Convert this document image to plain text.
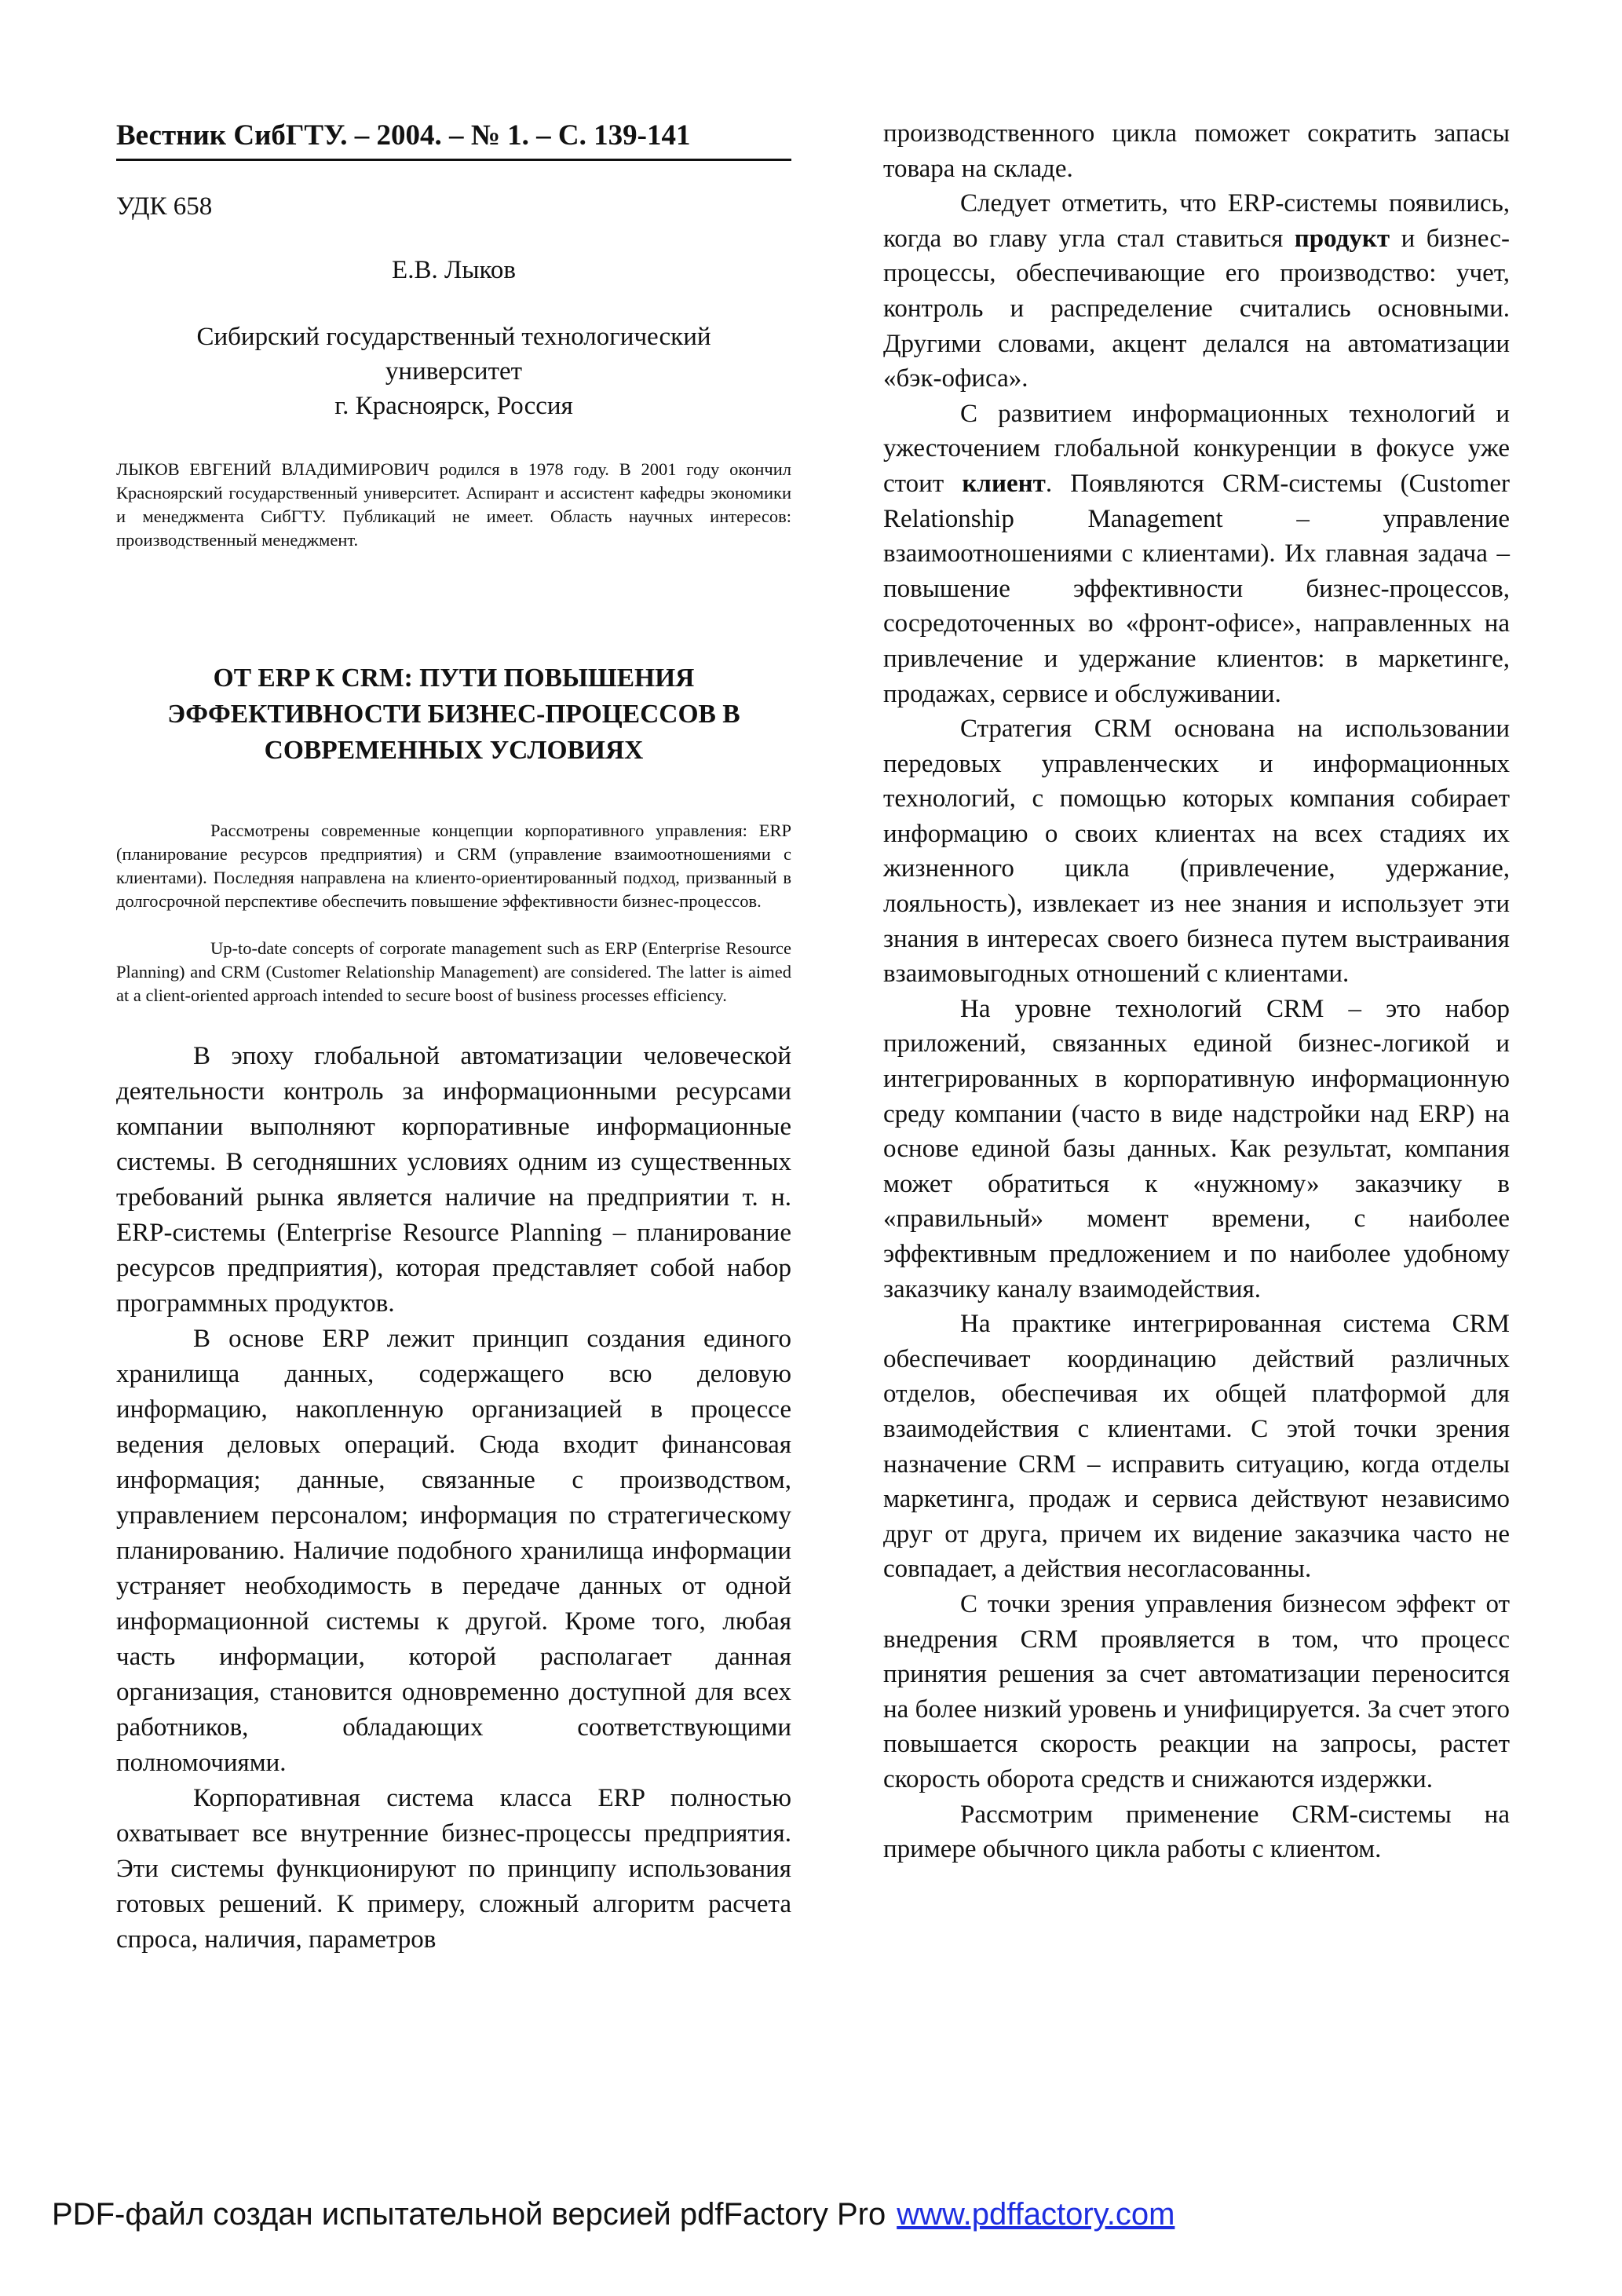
Вестник СибГТУ. – 2004. – № 1. – С. 139-141
УДК 658
Е.В. Лыков
Сибирский государственный технологический
университет
г. Красноярск, Россия
ЛЫКОВ ЕВГЕНИЙ ВЛАДИМИРОВИЧ родился в 1978 году. В 2001 году окончил Красноярский государственный университет. Аспирант и ассистент кафедры экономики и менеджмента СибГТУ. Публикаций не имеет. Область научных интересов: производственный менеджмент.
ОТ ERP К CRM: ПУТИ ПОВЫШЕНИЯ
ЭФФЕКТИВНОСТИ БИЗНЕС-ПРОЦЕССОВ В
СОВРЕМЕННЫХ УСЛОВИЯХ
Рассмотрены современные концепции корпоративного управления: ERP (планирование ресурсов предприятия) и CRM (управление взаимоотношениями с клиентами). Последняя направлена на клиенто-ориентированный подход, призванный в долгосрочной перспективе обеспечить повышение эффективности бизнес-процессов.
Up-to-date concepts of corporate management such as ERP (Enterprise Resource Planning) and CRM (Customer Relationship Management) are considered. The latter is aimed at a client-oriented approach intended to secure boost of business processes efficiency.

В эпоху глобальной автоматизации человеческой деятельности контроль за информационными ресурсами компании выполняют корпоративные информационные системы. В сегодняшних условиях одним из существенных требований рынка является наличие на предприятии т. н. ERP-системы (Enterprise Resource Planning – планирование ресурсов предприятия), которая представляет собой набор программных продуктов.

В основе ERP лежит принцип создания единого хранилища данных, содержащего всю деловую информацию, накопленную организацией в процессе ведения деловых операций. Сюда входит финансовая информация; данные, связанные с производством, управлением персоналом; информация по стратегическому планированию. Наличие подобного хранилища информации устраняет необходимость в передаче данных от одной информационной системы к другой. Кроме того, любая часть информации, которой располагает данная организация, становится одновременно доступной для всех работников, обладающих соответствующими полномочиями.

Корпоративная система класса ERP полностью охватывает все внутренние бизнес-процессы предприятия. Эти системы функционируют по принципу использования готовых решений. К примеру, сложный алгоритм расчета спроса, наличия, параметров

производственного цикла поможет сократить запасы товара на складе.

Следует отметить, что ERP-системы появились, когда во главу угла стал ставиться продукт и бизнес-процессы, обеспечивающие его производство: учет, контроль и распределение считались основными. Другими словами, акцент делался на автоматизации «бэк-офиса».

С развитием информационных технологий и ужесточением глобальной конкуренции в фокусе уже стоит клиент. Появляются CRM-системы (Customer Relationship Management – управление взаимоотношениями с клиентами). Их главная задача – повышение эффективности бизнес-процессов, сосредоточенных во «фронт-офисе», направленных на привлечение и удержание клиентов: в маркетинге, продажах, сервисе и обслуживании.

Стратегия CRM основана на использовании передовых управленческих и информационных технологий, с помощью которых компания собирает информацию о своих клиентах на всех стадиях их жизненного цикла (привлечение, удержание, лояльность), извлекает из нее знания и использует эти знания в интересах своего бизнеса путем выстраивания взаимовыгодных отношений с клиентами.

На уровне технологий CRM – это набор приложений, связанных единой бизнес-логикой и интегрированных в корпоративную информационную среду компании (часто в виде надстройки над ERP) на основе единой базы данных. Как результат, компания может обратиться к «нужному» заказчику в «правильный» момент времени, с наиболее эффективным предложением и по наиболее удобному заказчику каналу взаимодействия.

На практике интегрированная система CRM обеспечивает координацию действий различных отделов, обеспечивая их общей платформой для взаимодействия с клиентами. С этой точки зрения назначение CRM – исправить ситуацию, когда отделы маркетинга, продаж и сервиса действуют независимо друг от друга, причем их видение заказчика часто не совпадает, а действия несогласованны.

С точки зрения управления бизнесом эффект от внедрения CRM проявляется в том, что процесс принятия решения за счет автоматизации переносится на более низкий уровень и унифицируется. За счет этого повышается скорость реакции на запросы, растет скорость оборота средств и снижаются издержки.

Рассмотрим применение CRM-системы на примере обычного цикла работы с клиентом.

PDF-файл создан испытательной версией pdfFactory Pro www.pdffactory.com
